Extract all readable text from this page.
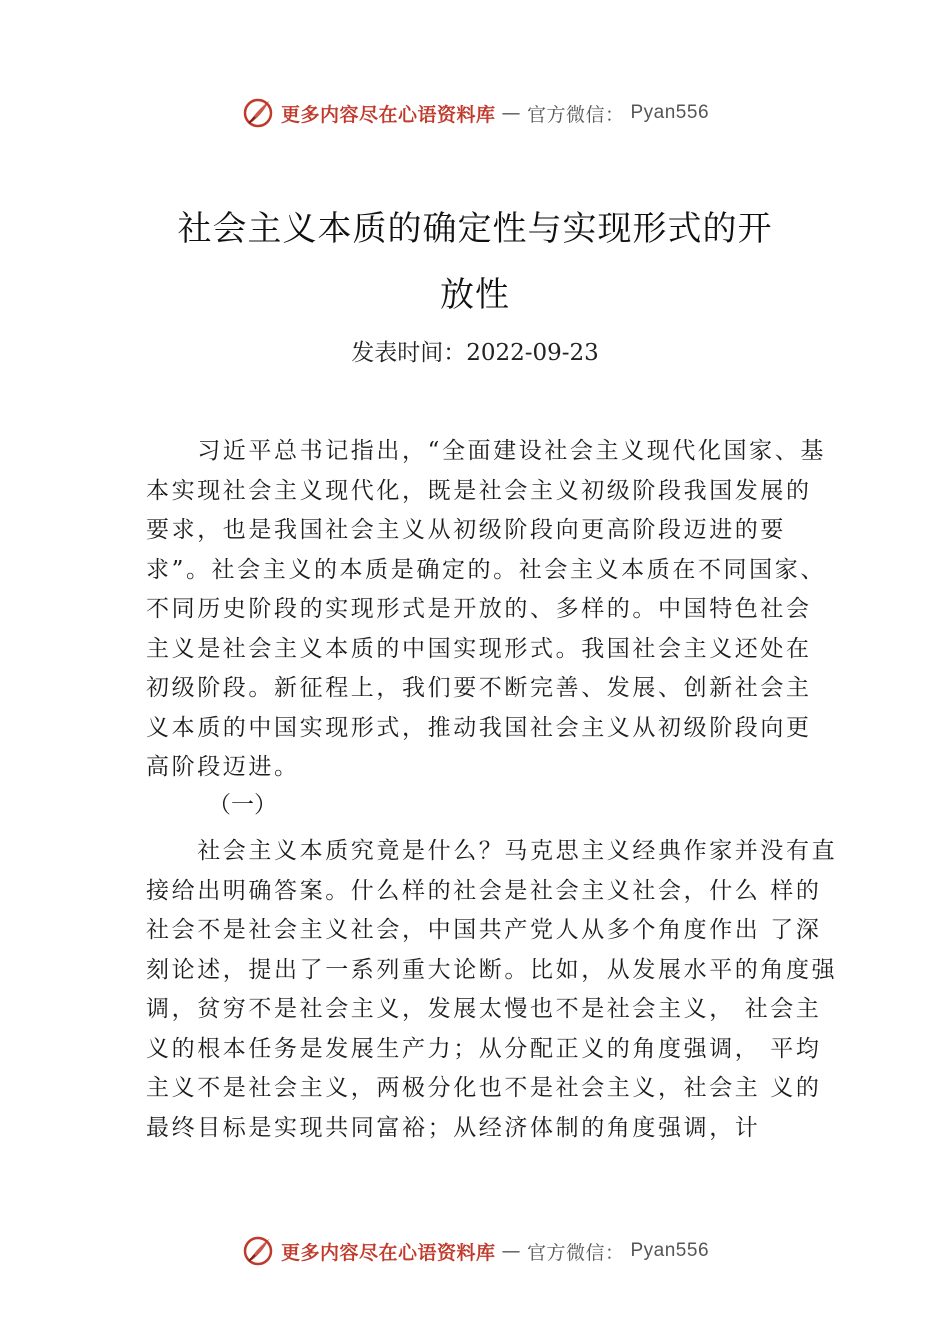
更多内容尽在心语资料库 — 官方微信： Pyan556
社会主义本质的确定性与实现形式的开
放性
发表时间：2022-09-23
　　习近平总书记指出，“全面建设社会主义现代化国家、基
本实现社会主义现代化，既是社会主义初级阶段我国发展的
要求，也是我国社会主义从初级阶段向更高阶段迈进的要
求”。社会主义的本质是确定的。社会主义本质在不同国家、
不同历史阶段的实现形式是开放的、多样的。中国特色社会
主义是社会主义本质的中国实现形式。我国社会主义还处在
初级阶段。新征程上，我们要不断完善、发展、创新社会主
义本质的中国实现形式，推动我国社会主义从初级阶段向更
高阶段迈进。
（一）
　　社会主义本质究竟是什么？马克思主义经典作家并没有直
接给出明确答案。什么样的社会是社会主义社会，什么 样的
社会不是社会主义社会，中国共产党人从多个角度作出 了深
刻论述，提出了一系列重大论断。比如，从发展水平的角度强
调，贫穷不是社会主义，发展太慢也不是社会主义， 社会主
义的根本任务是发展生产力；从分配正义的角度强调， 平均
主义不是社会主义，两极分化也不是社会主义，社会主 义的
最终目标是实现共同富裕；从经济体制的角度强调，计
更多内容尽在心语资料库 — 官方微信： Pyan556
